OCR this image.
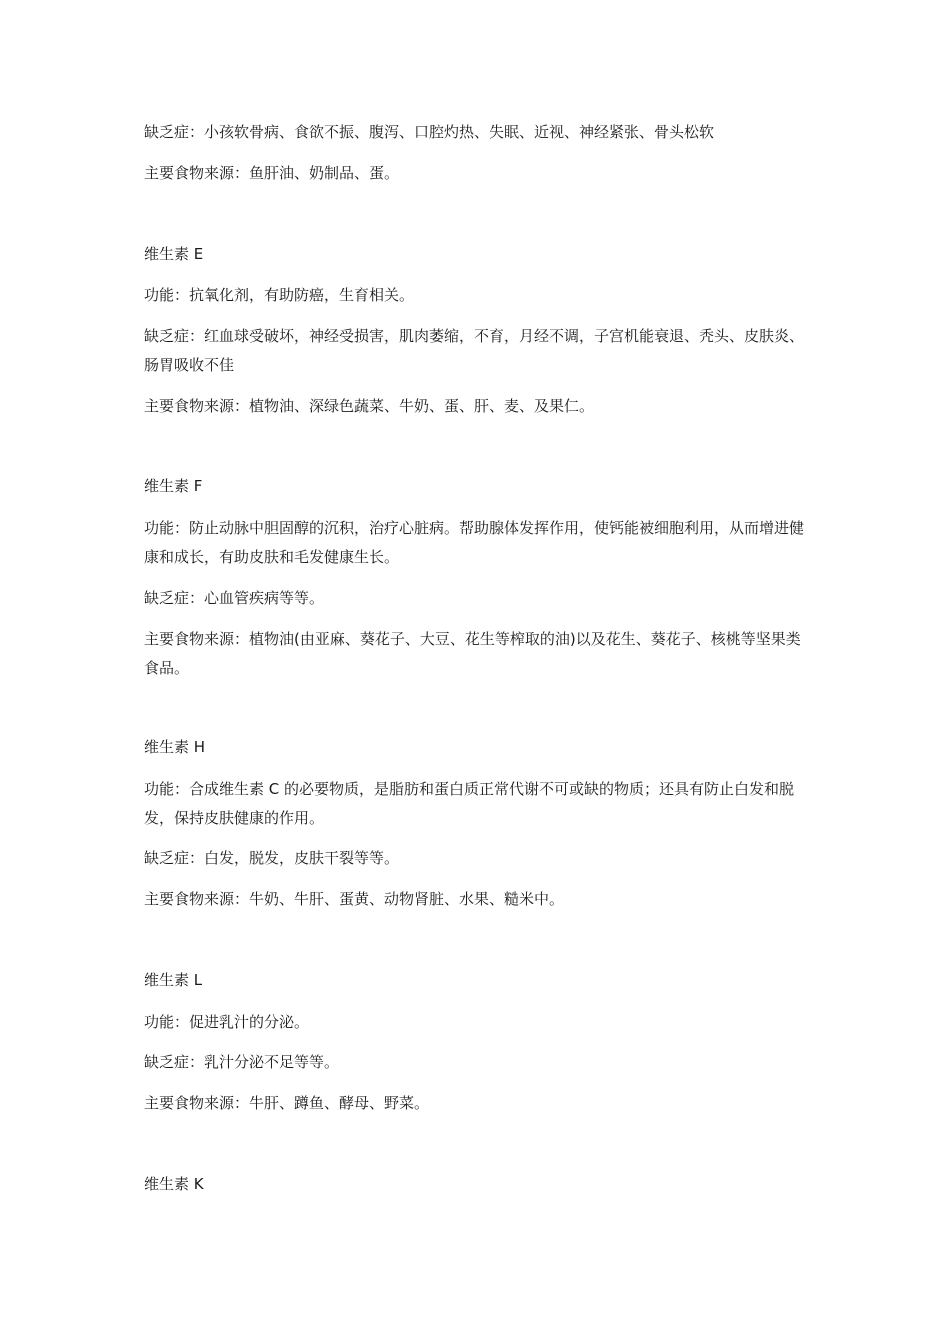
缺乏症：小孩软骨病、食欲不振、腹泻、口腔灼热、失眠、近视、神经紧张、骨头松软
主要食物来源：鱼肝油、奶制品、蛋。
维生素 E
功能：抗氧化剂，有助防癌，生育相关。
缺乏症：红血球受破坏，神经受损害，肌肉萎缩，不育，月经不调，子宫机能衰退、秃头、皮肤炎、肠胃吸收不佳
主要食物来源：植物油、深绿色蔬菜、牛奶、蛋、肝、麦、及果仁。
维生素 F
功能：防止动脉中胆固醇的沉积，治疗心脏病。帮助腺体发挥作用，使钙能被细胞利用，从而增进健康和成长，有助皮肤和毛发健康生长。
缺乏症：心血管疾病等等。
主要食物来源：植物油(由亚麻、葵花子、大豆、花生等榨取的油)以及花生、葵花子、核桃等坚果类食品。
维生素 H
功能：合成维生素 C 的必要物质，是脂肪和蛋白质正常代谢不可或缺的物质；还具有防止白发和脱发，保持皮肤健康的作用。
缺乏症：白发，脱发，皮肤干裂等等。
主要食物来源：牛奶、牛肝、蛋黄、动物肾脏、水果、糙米中。
维生素 L
功能：促进乳汁的分泌。
缺乏症：乳汁分泌不足等等。
主要食物来源：牛肝、蹲鱼、酵母、野菜。
维生素 K
